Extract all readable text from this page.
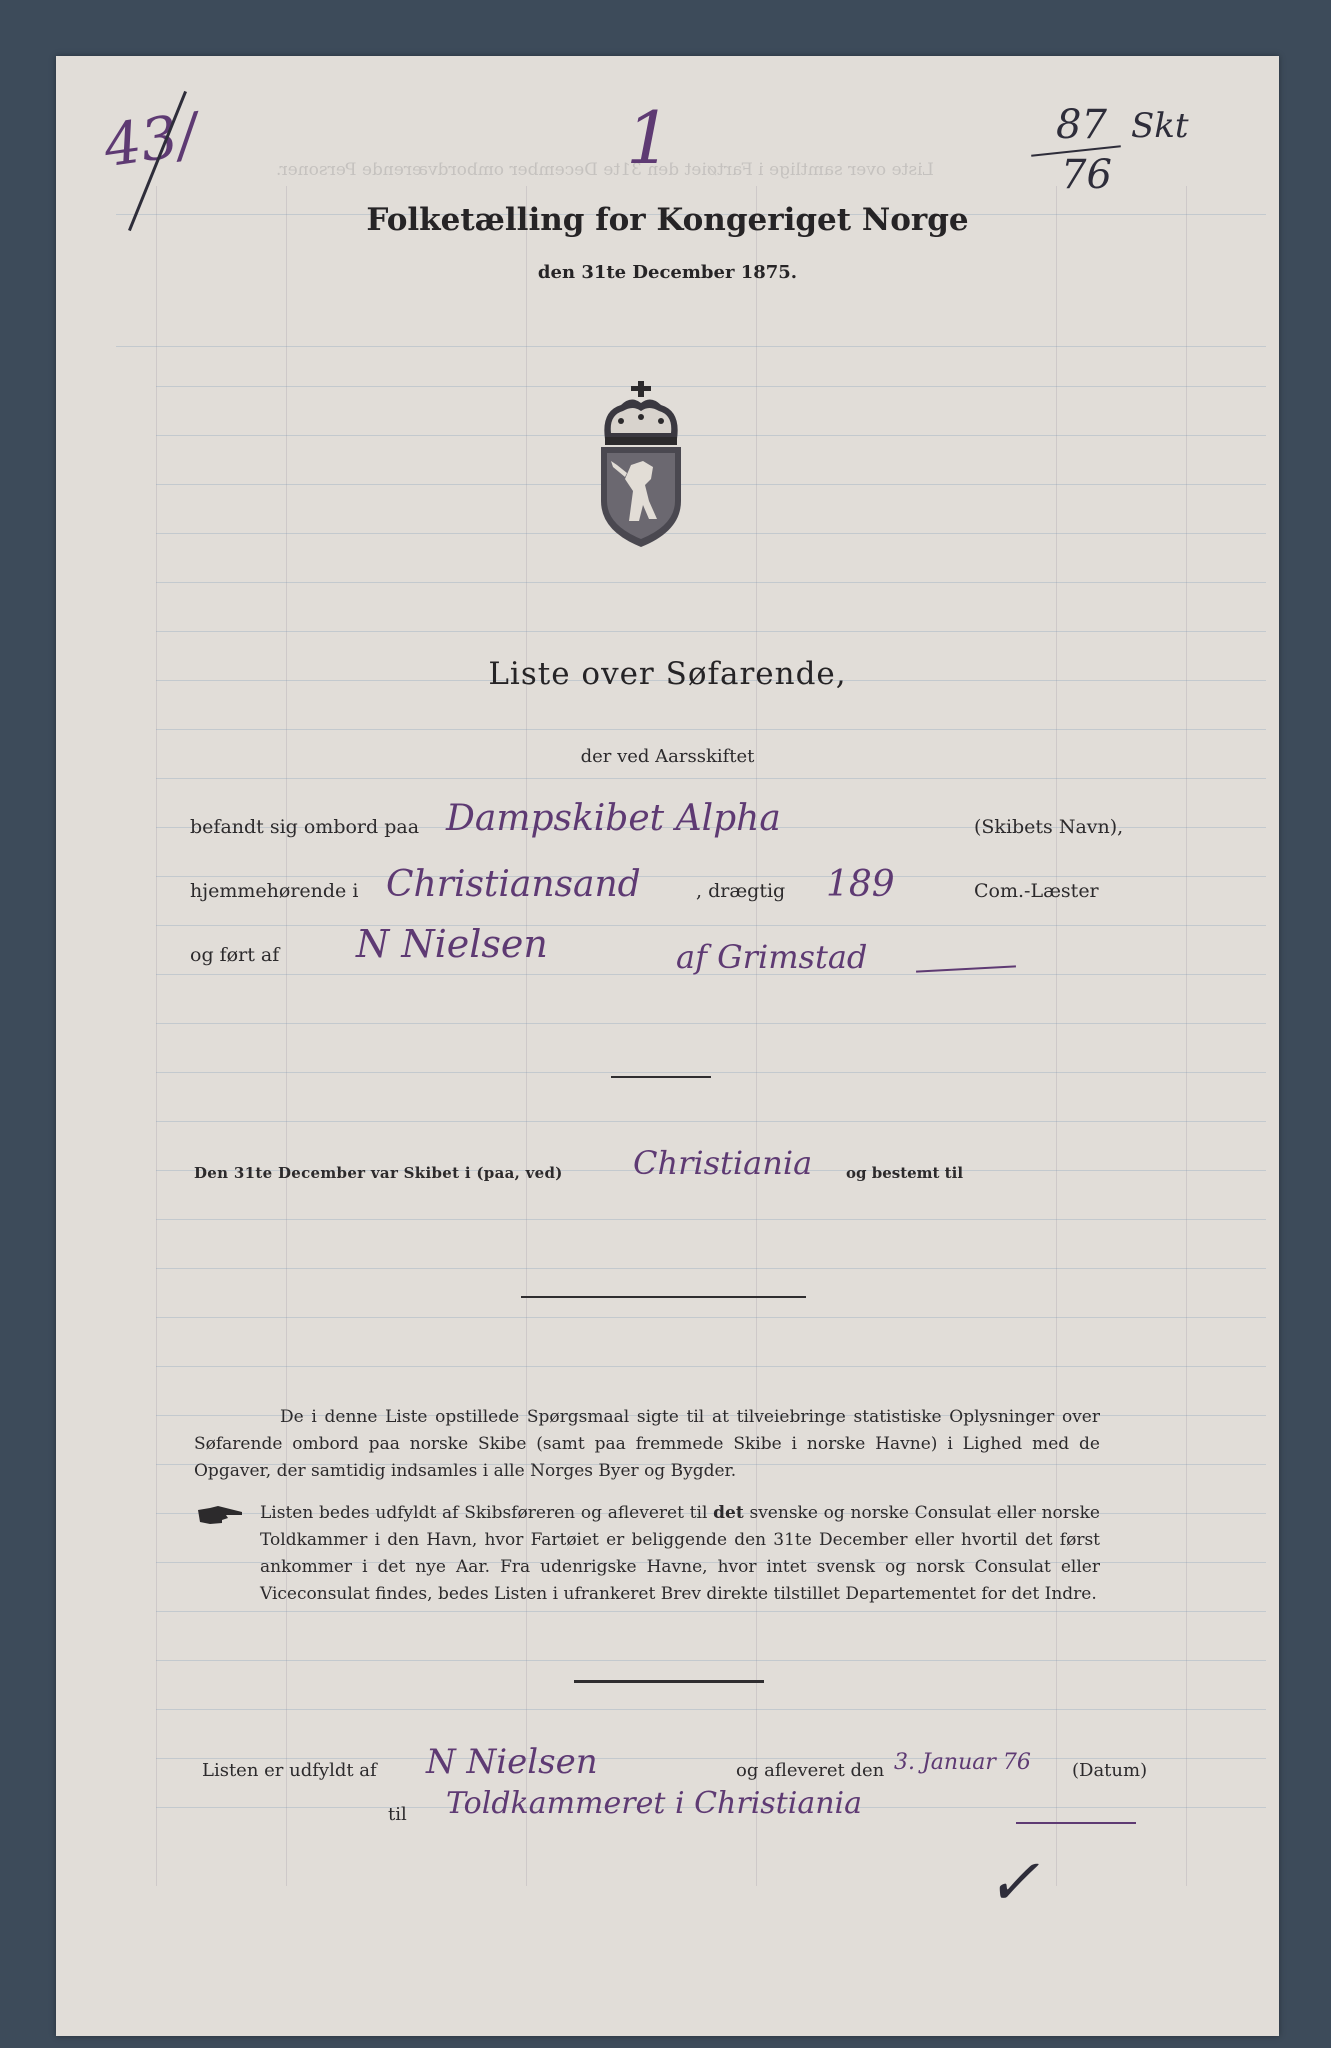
Liste over samtlige i Fartøiet den 31te December ombordværende Personer.
43/	1	87
76
Skt
Folketælling for Kongeriget Norge
den 31te December 1875.
Liste over Søfarende,
der ved Aarsskiftet
befandt sig ombord paa Dampskibet Alpha	(Skibets Navn),
hjemmehørende i Christiansand	, drægtig 189	Com.-Læster
og ført af N Nielsen	af Grimstad
Den 31te December var Skibet i (paa, ved) Christiania og bestemt til
De i denne Liste opstillede Spørgsmaal sigte til at tilveiebringe statistiske Oplysninger over Søfarende ombord paa norske Skibe (samt paa fremmede Skibe i norske Havne) i Lighed med de Opgaver, der samtidig indsamles i alle Norges Byer og Bygder.
Listen bedes udfyldt af Skibsføreren og afleveret til det svenske og norske Consulat eller norske Toldkammer i den Havn, hvor Fartøiet er beliggende den 31te December eller hvortil det først ankommer i det nye Aar. Fra udenrigske Havne, hvor intet svensk og norsk Consulat eller Viceconsulat findes, bedes Listen i ufrankeret Brev direkte tilstillet Departementet for det Indre.
Listen er udfyldt af N Nielsen	og afleveret den 3. Januar 76 (Datum)
til Toldkammeret i Christiania
✓
